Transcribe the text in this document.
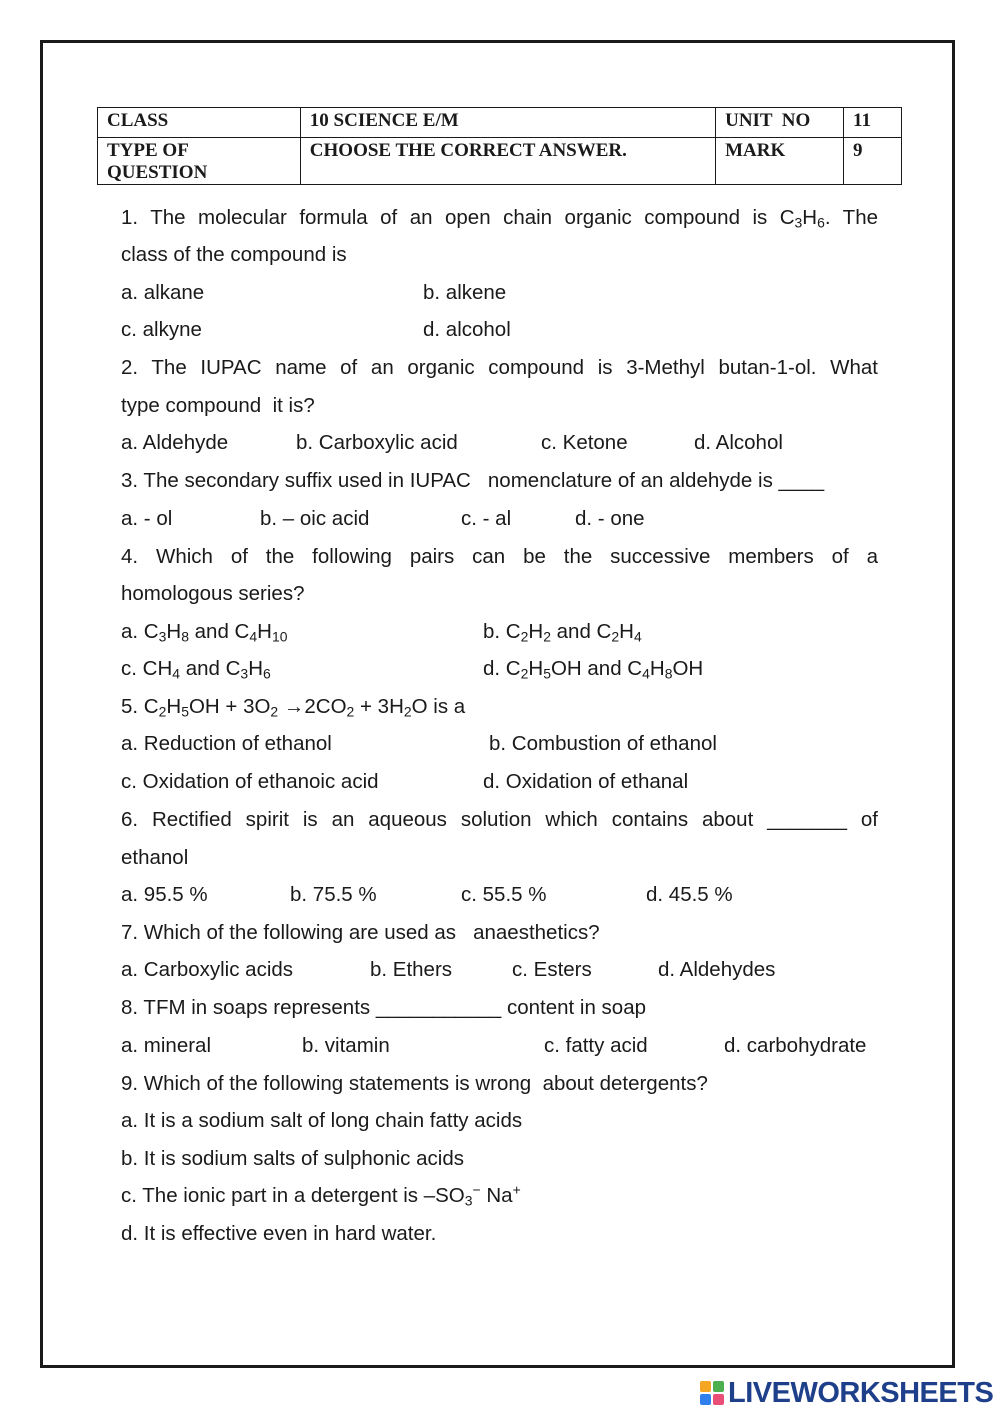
CLASS	10 SCIENCE E/M	UNIT  NO	11

TYPE OF
QUESTION	CHOOSE THE CORRECT ANSWER.	MARK	9
1. The molecular formula of an open chain organic compound is $C_3H_6$. The
class of the compound is
a. alkane	b. alkene
c. alkyne	d. alcohol
2. The IUPAC name of an organic compound is 3-Methyl butan-1-ol. What
type compound  it is?
a. Aldehyde	b. Carboxylic acid	c. Ketone	d. Alcohol
3. The secondary suffix used in IUPAC   nomenclature of an aldehyde is ____
a. - ol	b. – oic acid	c. - al	d. - one
4. Which of the following pairs can be the successive members of a
homologous series?
a. $C_3H_8$ and $C_4H_{10}$	b. $C_2H_2$ and $C_2H_4$
c. $CH_4$ and $C_3H_6$	d. $C_2H_5OH$ and $C_4H_8OH$
5. $C_2H_5OH + 3O_2 \to 2CO_2 + 3H_2O$ is a
a. Reduction of ethanol	b. Combustion of ethanol
c. Oxidation of ethanoic acid	d. Oxidation of ethanal
6. Rectified spirit is an aqueous solution which contains about _______ of
ethanol
a. 95.5 %	b. 75.5 %	c. 55.5 %	d. 45.5 %
7. Which of the following are used as   anaesthetics?
a. Carboxylic acids	b. Ethers	c. Esters	d. Aldehydes
8. TFM in soaps represents ___________ content in soap
a. mineral	b. vitamin	c. fatty acid	d. carbohydrate
9. Which of the following statements is wrong  about detergents?
a. It is a sodium salt of long chain fatty acids
b. It is sodium salts of sulphonic acids
c. The ionic part in a detergent is $-SO_3^-$ Na+
d. It is effective even in hard water.
LIVEWORKSHEETS
